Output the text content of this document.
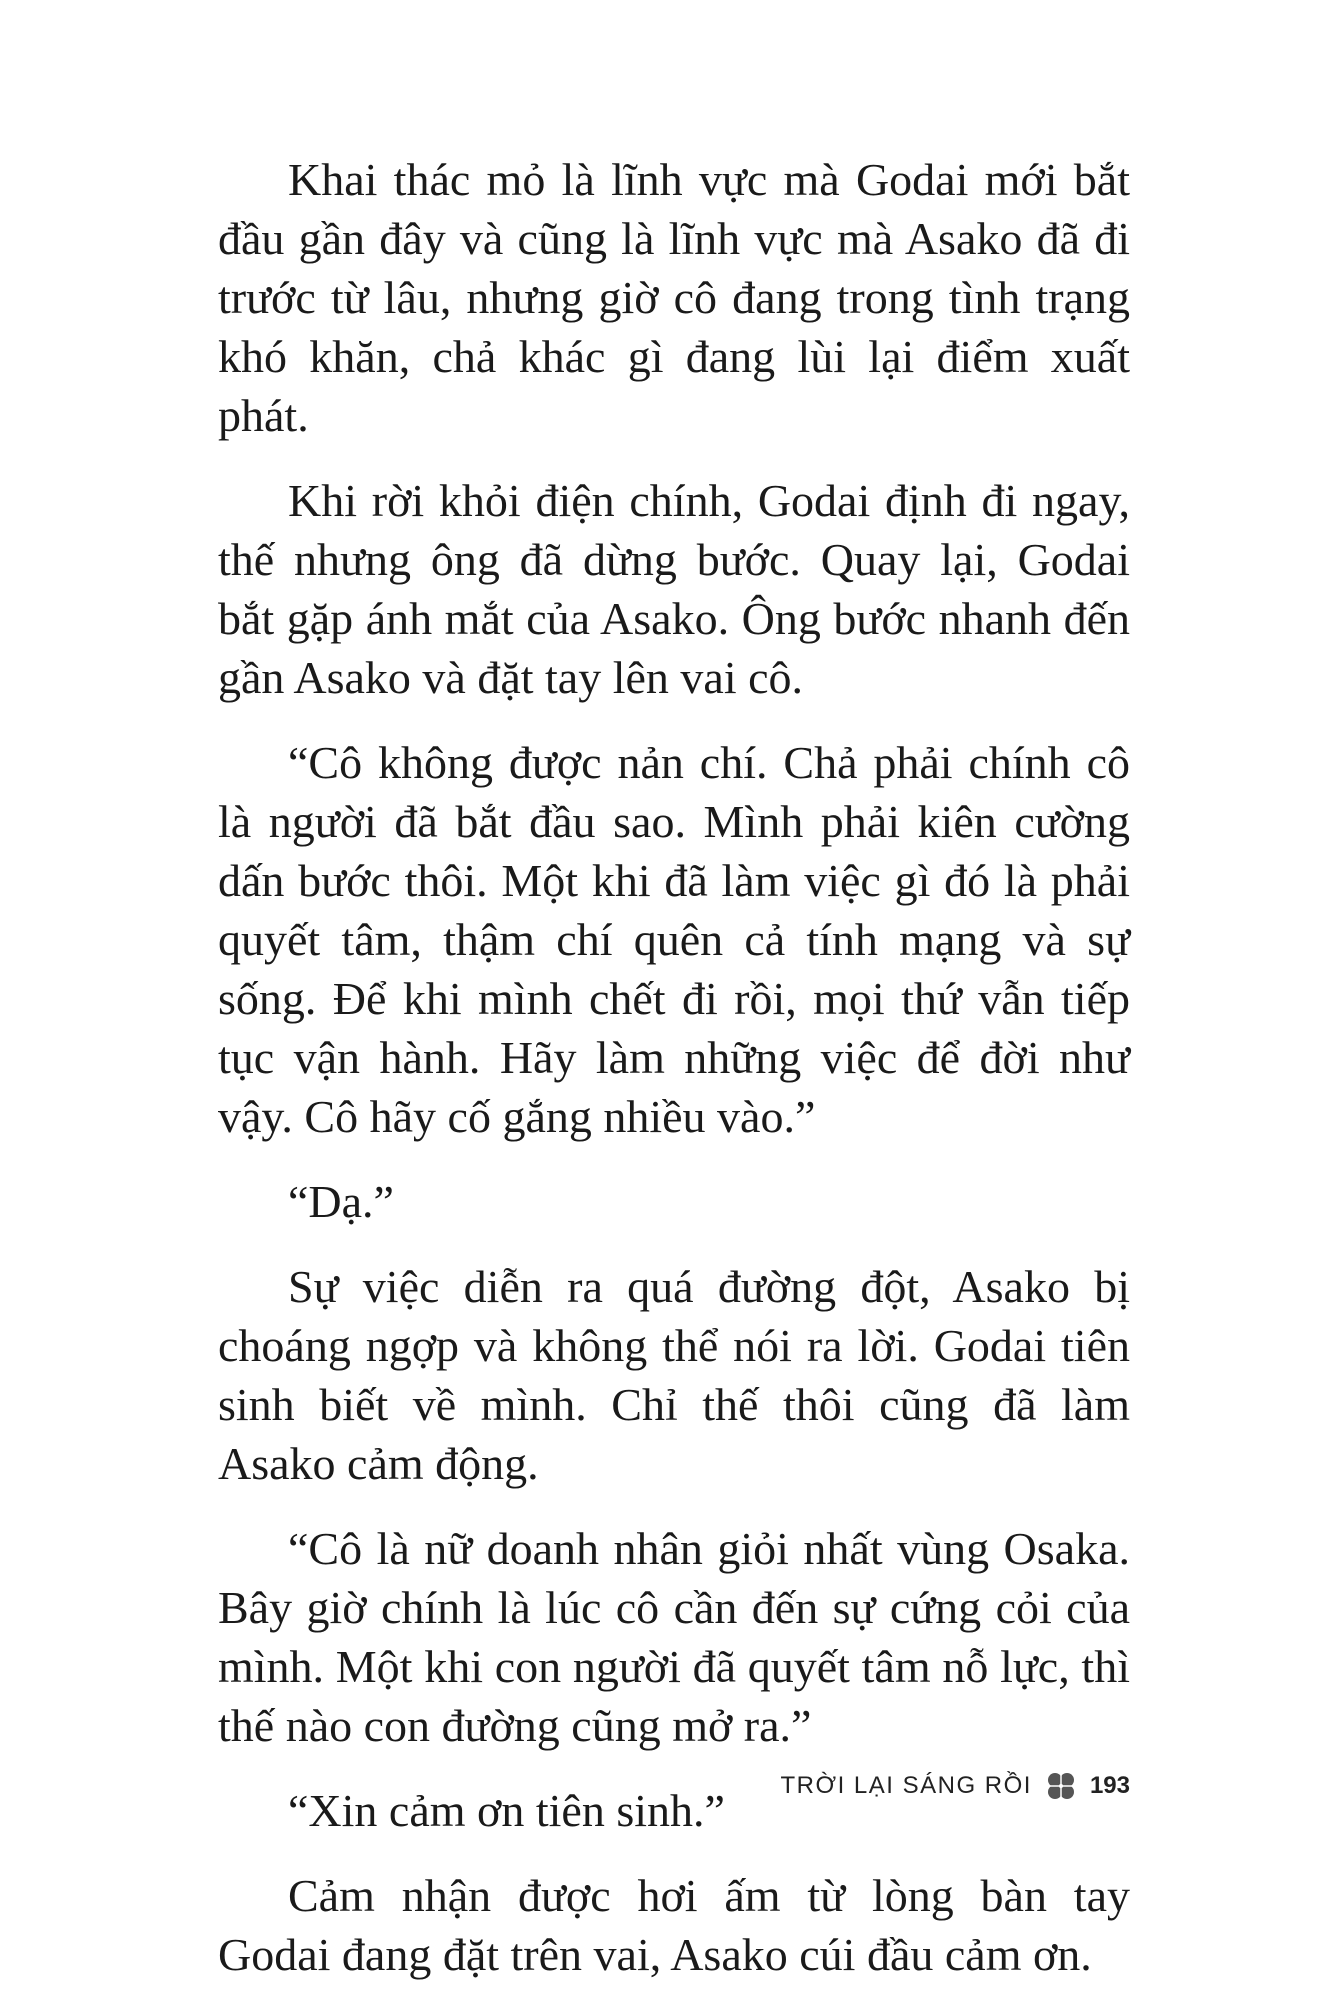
Khai thác mỏ là lĩnh vực mà Godai mới bắt đầu gần đây và cũng là lĩnh vực mà Asako đã đi trước từ lâu, nhưng giờ cô đang trong tình trạng khó khăn, chả khác gì đang lùi lại điểm xuất phát.

Khi rời khỏi điện chính, Godai định đi ngay, thế nhưng ông đã dừng bước. Quay lại, Godai bắt gặp ánh mắt của Asako. Ông bước nhanh đến gần Asako và đặt tay lên vai cô.

“Cô không được nản chí. Chả phải chính cô là người đã bắt đầu sao. Mình phải kiên cường dấn bước thôi. Một khi đã làm việc gì đó là phải quyết tâm, thậm chí quên cả tính mạng và sự sống. Để khi mình chết đi rồi, mọi thứ vẫn tiếp tục vận hành. Hãy làm những việc để đời như vậy. Cô hãy cố gắng nhiều vào.”

“Dạ.”

Sự việc diễn ra quá đường đột, Asako bị choáng ngợp và không thể nói ra lời. Godai tiên sinh biết về mình. Chỉ thế thôi cũng đã làm Asako cảm động.

“Cô là nữ doanh nhân giỏi nhất vùng Osaka. Bây giờ chính là lúc cô cần đến sự cứng cỏi của mình. Một khi con người đã quyết tâm nỗ lực, thì thế nào con đường cũng mở ra.”

“Xin cảm ơn tiên sinh.”

Cảm nhận được hơi ấm từ lòng bàn tay Godai đang đặt trên vai, Asako cúi đầu cảm ơn.

TRỜI LẠI SÁNG RỒI 193
